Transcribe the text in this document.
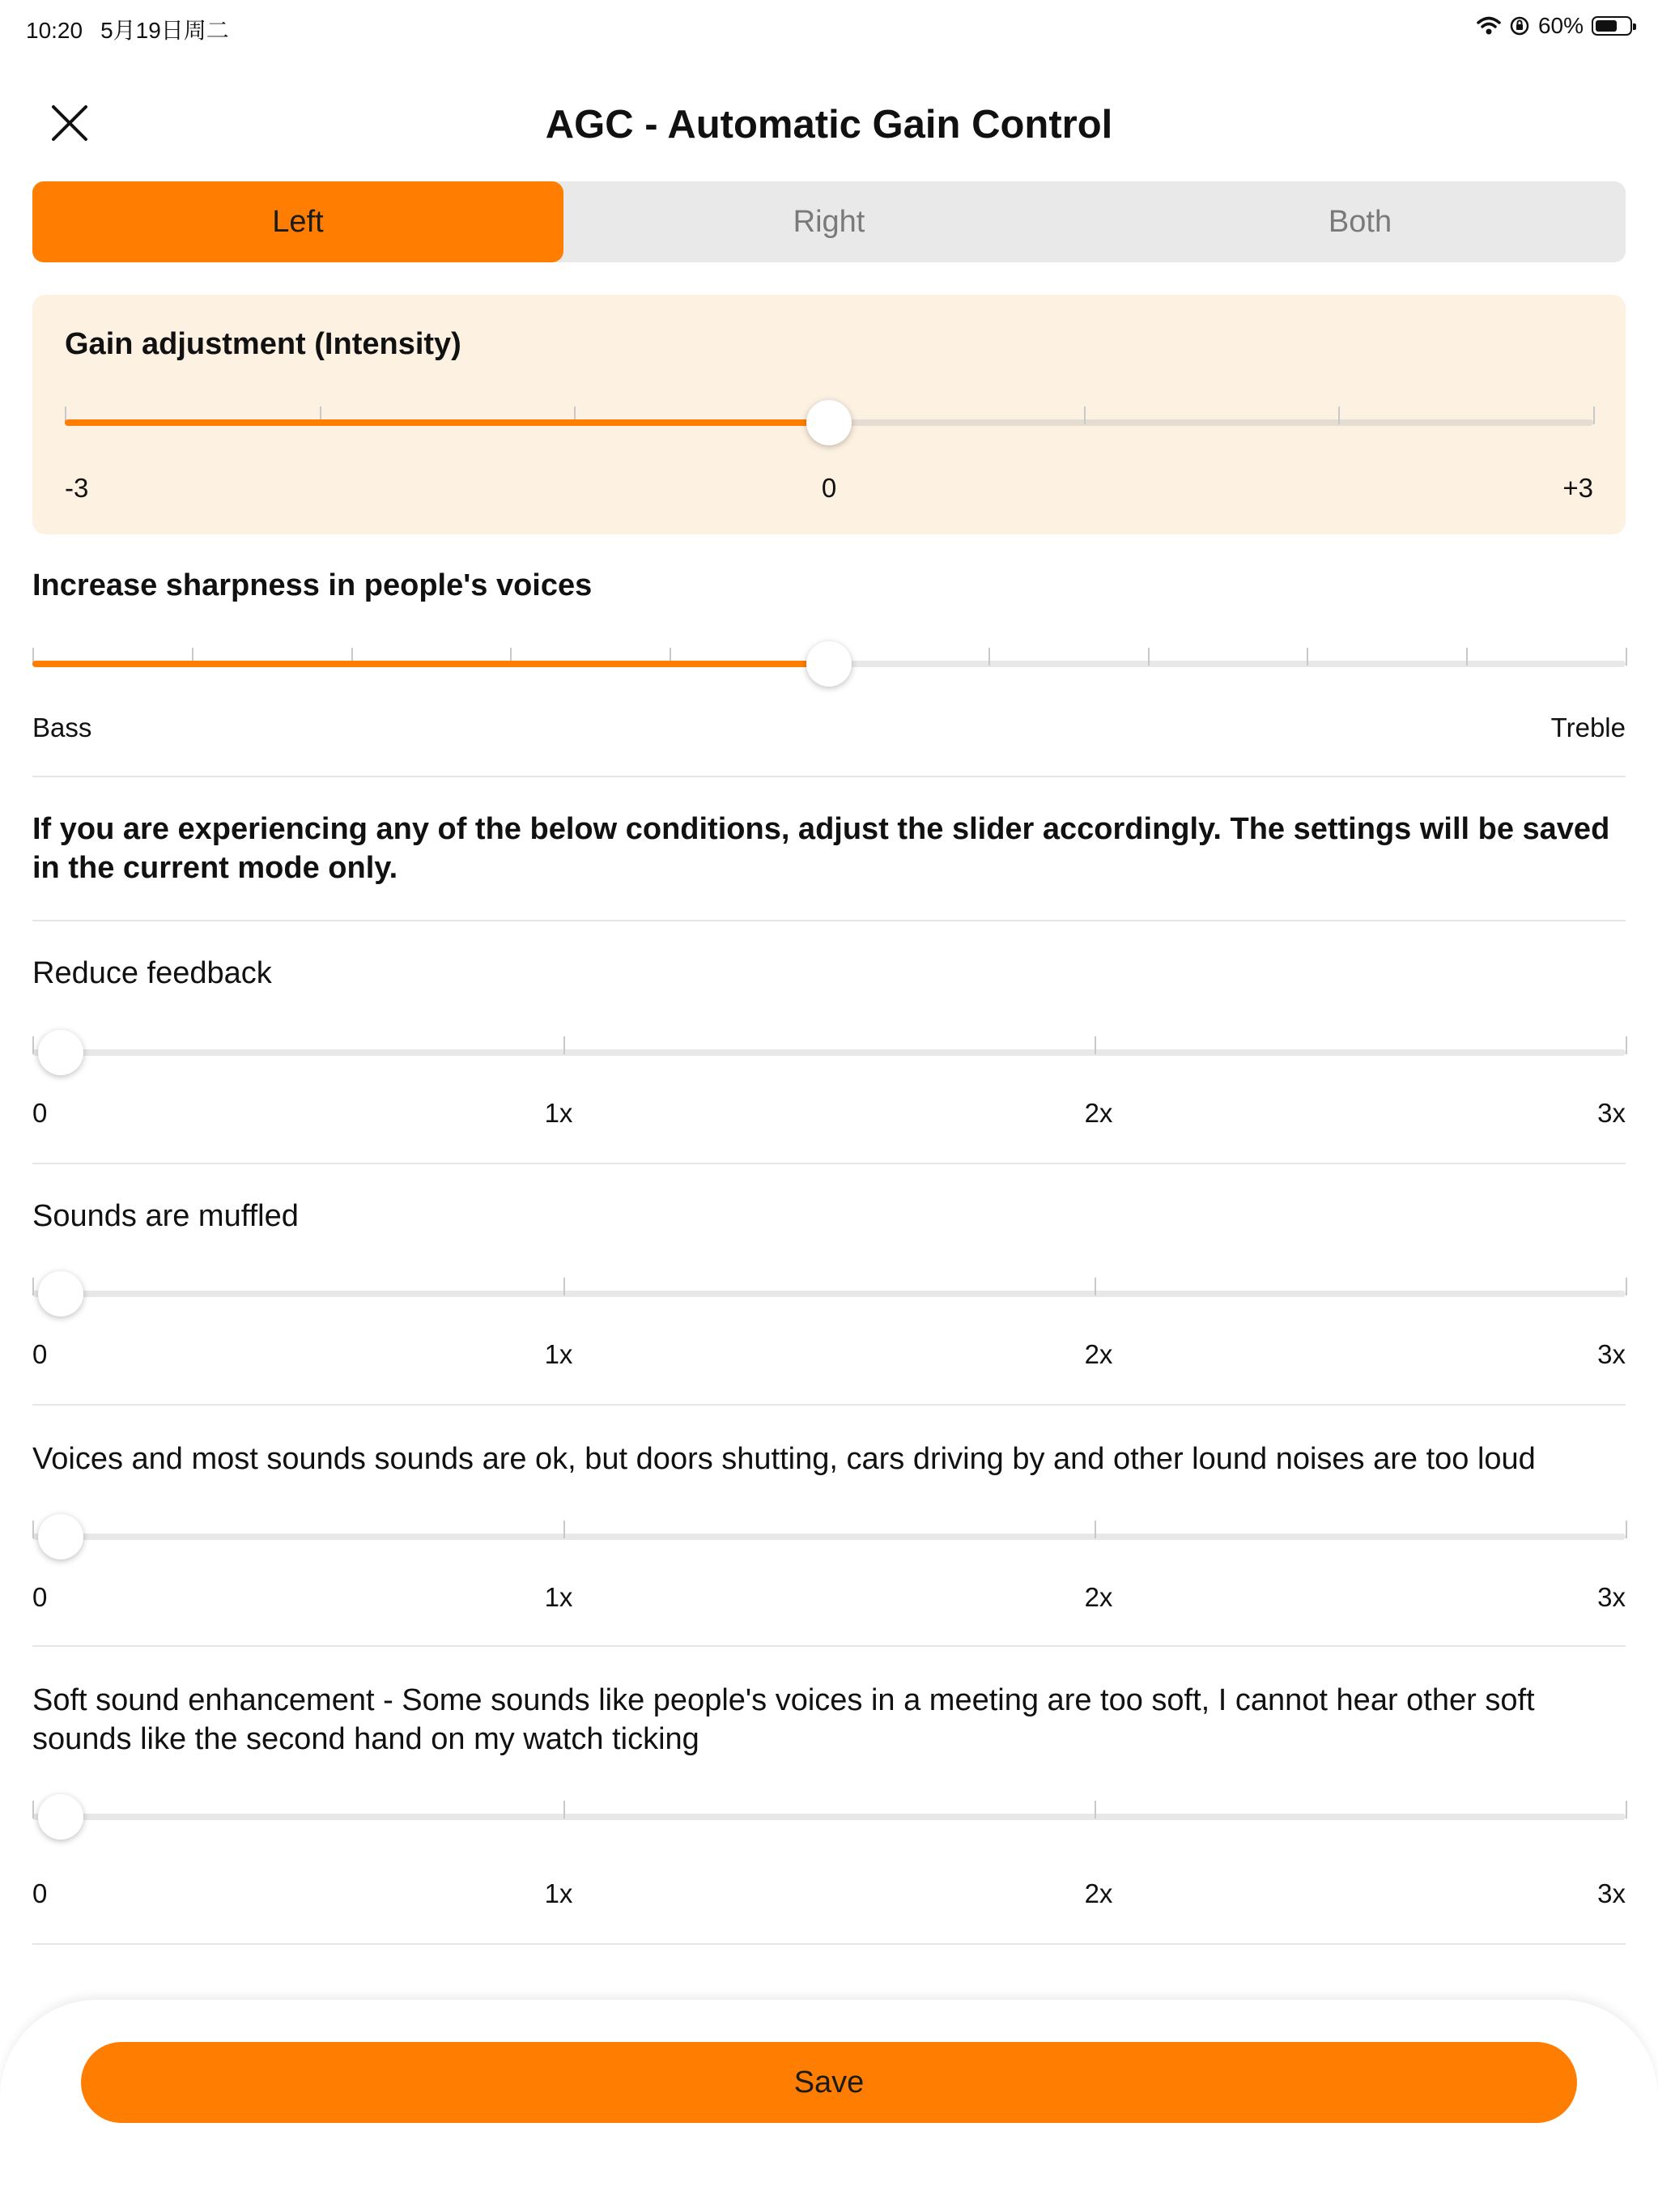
10:20 5月19日周二	60%
AGC - Automatic Gain Control
Left	Right	Both
Gain adjustment (Intensity)
-3	0	+3
Increase sharpness in people's voices
Bass	Treble
If you are experiencing any of the below conditions, adjust the slider accordingly. The settings will be saved in the current mode only.
Reduce feedback
0	1x	2x	3x
Sounds are muffled
0	1x	2x	3x
Voices and most sounds sounds are ok, but doors shutting, cars driving by and other lound noises are too loud
0	1x	2x	3x
Soft sound enhancement - Some sounds like people's voices in a meeting are too soft, I cannot hear other soft sounds like the second hand on my watch ticking
0	1x	2x	3x
Save
